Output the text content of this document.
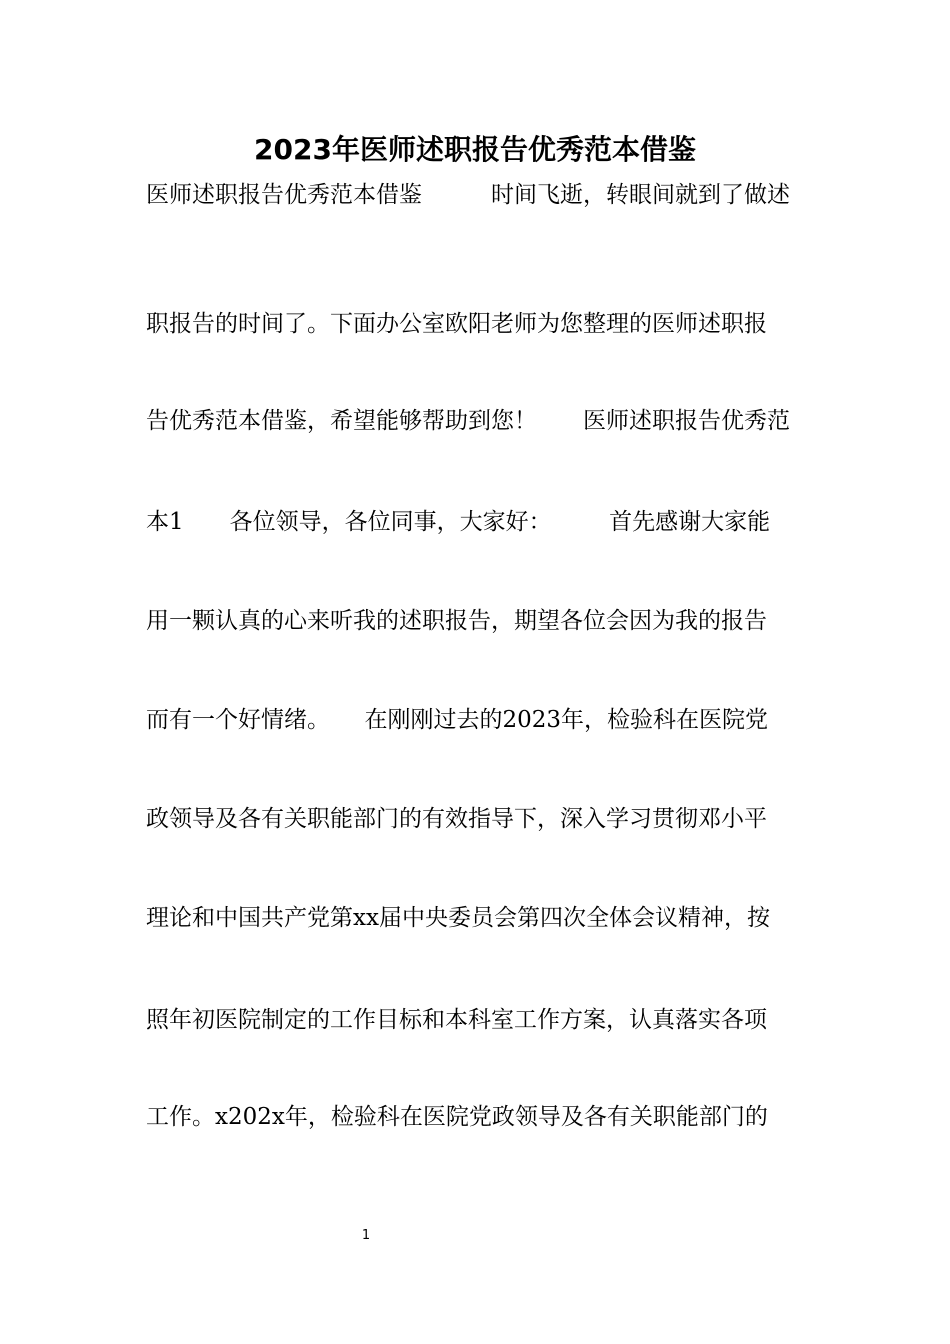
2023年医师述职报告优秀范本借鉴
医师述职报告优秀范本借鉴　　　时间飞逝，转眼间就到了做述
职报告的时间了。下面办公室欧阳老师为您整理的医师述职报
告优秀范本借鉴，希望能够帮助到您！　　医师述职报告优秀范
本1　　各位领导，各位同事，大家好：　　　首先感谢大家能
用一颗认真的心来听我的述职报告，期望各位会因为我的报告
而有一个好情绪。　　在刚刚过去的2023年，检验科在医院党
政领导及各有关职能部门的有效指导下，深入学习贯彻邓小平
理论和中国共产党第xx届中央委员会第四次全体会议精神，按
照年初医院制定的工作目标和本科室工作方案，认真落实各项
工作。x202x年，检验科在医院党政领导及各有关职能部门的
1
